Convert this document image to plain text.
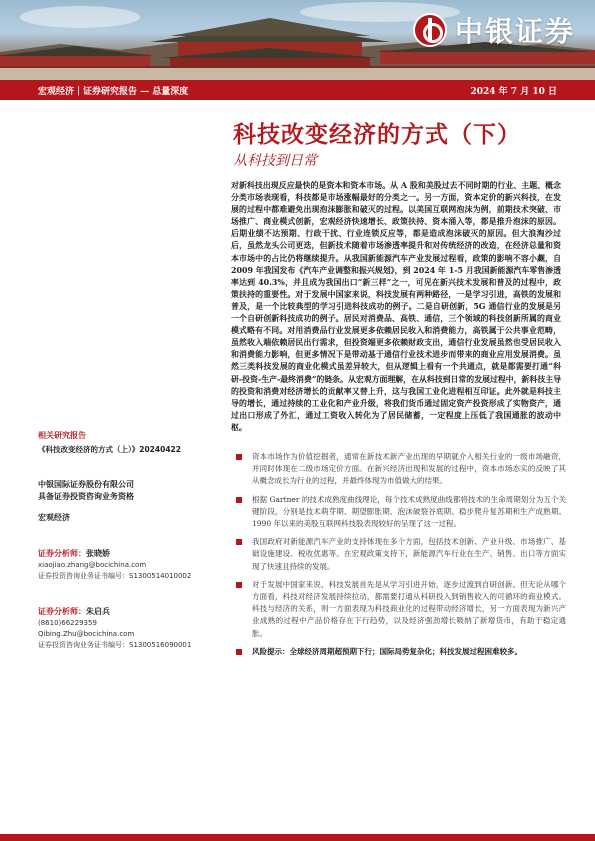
中银证券
宏观经济｜证券研究报告 — 总量深度	2024 年 7 月 10 日
科技改变经济的方式（下）
从科技到日常
对新科技出现反应最快的是资本和资本市场。从 A 股和美股过去不同时期的行业、主题、概念分类市场表现看，科技都是市场涨幅最好的分类之一。另一方面，资本定价的新兴科技，在发展的过程中都难避免出现泡沫膨胀和破灭的过程。以美国互联网泡沫为例，前期技术突破、市场推广、商业模式创新，宏观经济快速增长、政策扶持、资本涌入等，都是推升泡沫的原因。后期业绩不达预期、行政干扰、行业连锁反应等，都是造成泡沫破灭的原因。但大浪淘沙过后，虽然龙头公司更迭，但新技术随着市场渗透率提升和对传统经济的改造，在经济总量和资本市场中的占比仍将继续提升。从我国新能源汽车产业发展过程看，政策的影响不容小觑，自 2009 年我国发布《汽车产业调整和振兴规划》，到 2024 年 1-5 月我国新能源汽车零售渗透率达到 40.3%，并且成为我国出口“新三样”之一，可见在新兴技术发展和普及的过程中，政策扶持的重要性。对于发展中国家来说，科技发展有两种路径，一是学习引进，高铁的发展和普及，是一个比较典型的学习引进科技成功的例子。二是自研创新，5G 通信行业的发展是另一个自研创新科技成功的例子。居民对消费品、高铁、通信，三个领域的科技创新所属的商业模式略有不同。对用消费品行业发展更多依赖居民收入和消费能力，高铁属于公共事业范畴，虽然收入端依赖居民出行需求，但投资端更多依赖财政支出，通信行业发展虽然也受居民收入和消费能力影响，但更多情况下是带动基于通信行业技术进步而带来的商业应用发展消费。虽然三类科技发展的商业化模式虽差异较大，但从逻辑上看有一个共通点，就是都需要打通“科研-投资-生产-最终消费”的链条。从宏观方面理解，在从科技到日常的发展过程中，新科技主导的投资和消费对经济增长的贡献率又替上升，这与我国工业化进程相互印证。此外就是科技主导的增长，通过持续的工业化和产业升级，将我们货币通过固定资产投资形成了实物资产，通过出口形成了外汇，通过工资收入转化为了居民储蓄，一定程度上压低了我国通胀的波动中枢。
相关研究报告
《科技改变经济的方式（上）》20240422
中银国际证券股份有限公司
具备证券投资咨询业务资格
宏观经济
证券分析师：张晓娇
xiaojiao.zhang@bocichina.com
证券投资咨询业务证书编号：S1300514010002
证券分析师：朱启兵
(8610)66229359
Qibing.Zhu@bocichina.com
证券投资咨询业务证书编号：S1300516090001
资本市场作为价值挖掘者，通常在新技术新产业出现的早期就介入相关行业的一级市场融资，并同时体现在二级市场定价方面。在新兴经济出现和发展的过程中，资本市场态实的反映了其从概念成长为行业的过程，并最终体现为市值做大的结果。
根据 Gartner 的技术成熟度曲线理论，每个技术成熟度曲线都将技术的生命周期划分为五个关键阶段，分别是技术萌芽期、期望膨胀期、泡沫破裂谷底期、稳步爬升复苏期和生产成熟期。1990 年以来的美股互联网科技股表现较好的呈现了这一过程。
我国政府对新能源汽车产业的支持体现在多个方面，包括技术创新、产业升级、市场推广、基础设施建设、税收优惠等。在宏观政策支持下，新能源汽车行业在生产、销售、出口等方面实现了快速且持续的发展。
对于发展中国家来说，科技发展首先是从学习引进开始，逐步过渡到自研创新。但无论从哪个方面看，科技对经济发展持续拉动，都需要打通从科研投入到销售收入的可循环的商业模式。科技与经济的关系，则一方面表现为科技商业化的过程带动经济增长，另一方面表现为新兴产业成熟的过程中产品价格存在下行趋势，以及经济强劲增长吸纳了新增货币，有助于稳定通胀。
风险提示：全球经济周期超预期下行；国际局势复杂化；科技发展过程困难较多。
